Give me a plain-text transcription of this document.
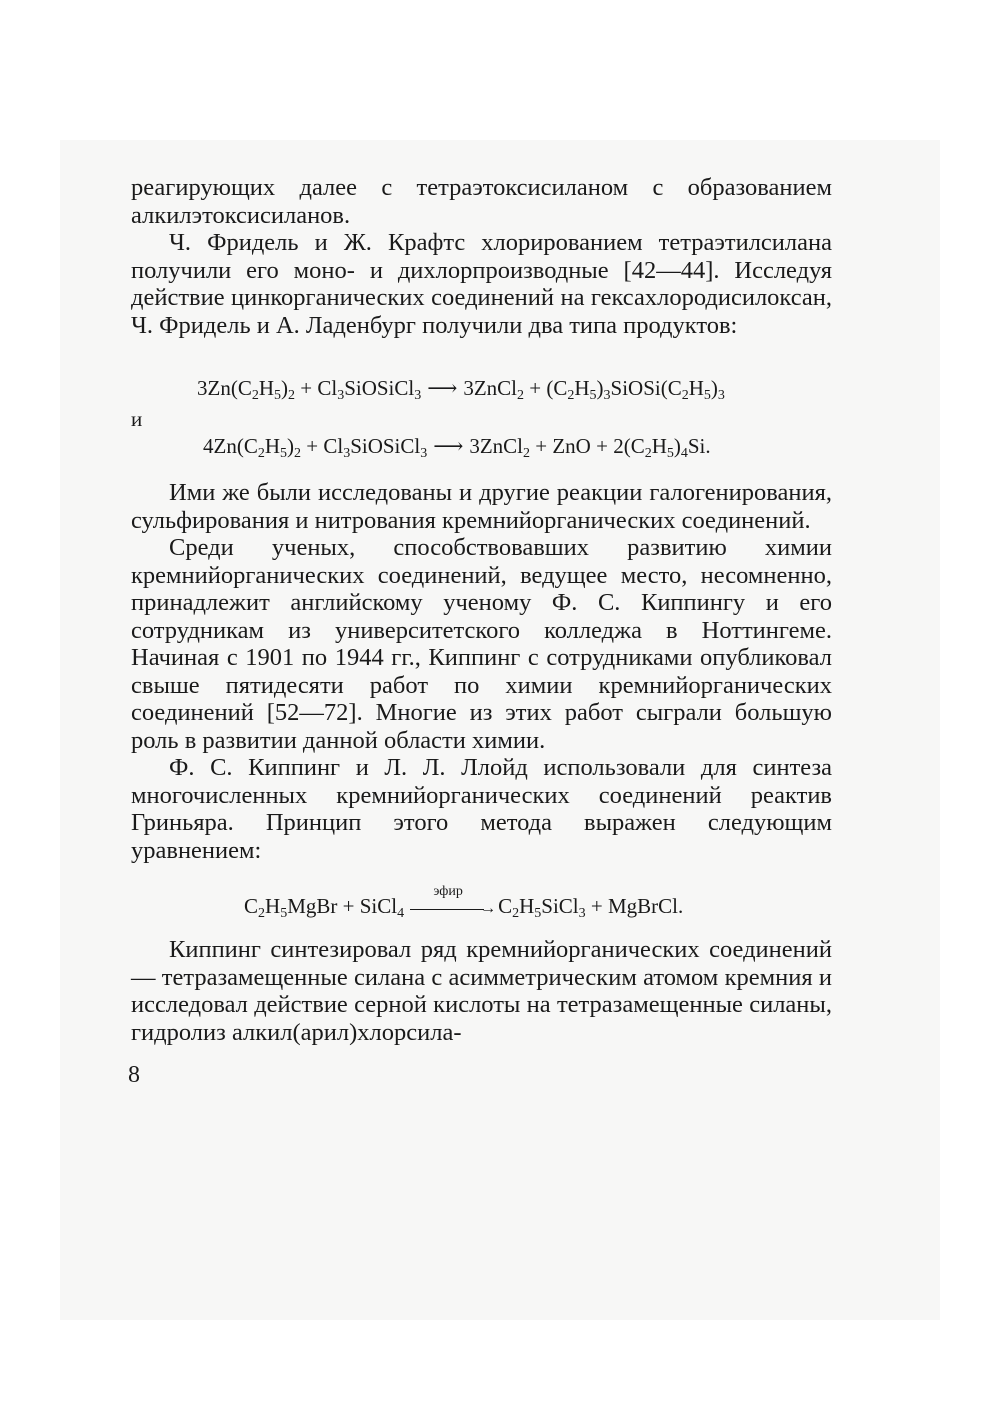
реагирующих далее с тетраэтоксисиланом с образованием алкилэтоксисиланов.

Ч. Фридель и Ж. Крафтс хлорированием тетраэтилсилана получили его моно- и дихлорпроизводные [42—44]. Исследуя действие цинкорганических соединений на гексахлородисилоксан, Ч. Фридель и А. Ладенбург получили два типа продуктов:

$3Zn(C_2H_5)_2$ + $Cl_3SiOSiCl_3$ ⟶ 3ZnCl$_2$ + $(C_2H_5)_3SiOSi(C_2H_5)_3$
и
$4Zn(C_2H_5)_2$ + $Cl_3SiOSiCl_3$ ⟶ 3ZnCl$_2$ + ZnO + $2(C_2H_5)_4Si$.

Ими же были исследованы и другие реакции галогенирования, сульфирования и нитрования кремнийорганических соединений.

Среди ученых, способствовавших развитию химии кремнийорганических соединений, ведущее место, несомненно, принадлежит английскому ученому Ф. С. Киппингу и его сотрудникам из университетского колледжа в Ноттингеме. Начиная с 1901 по 1944 гг., Киппинг с сотрудниками опубликовал свыше пятидесяти работ по химии кремнийорганических соединений [52—72]. Многие из этих работ сыграли большую роль в развитии данной области химии.

Ф. С. Киппинг и Л. Л. Ллойд использовали для синтеза многочисленных кремнийорганических соединений реактив Гриньяра. Принцип этого метода выражен следующим уравнением:

$C_2H_5MgBr$ + SiCl$_4$
эфир
→ $C_2H_5SiCl_3$ + MgBrCl.

Киппинг синтезировал ряд кремнийорганических соединений — тетразамещенные силана с асимметрическим атомом кремния и исследовал действие серной кислоты на тетразамещенные силаны, гидролиз алкил(арил)хлорсила-

8
